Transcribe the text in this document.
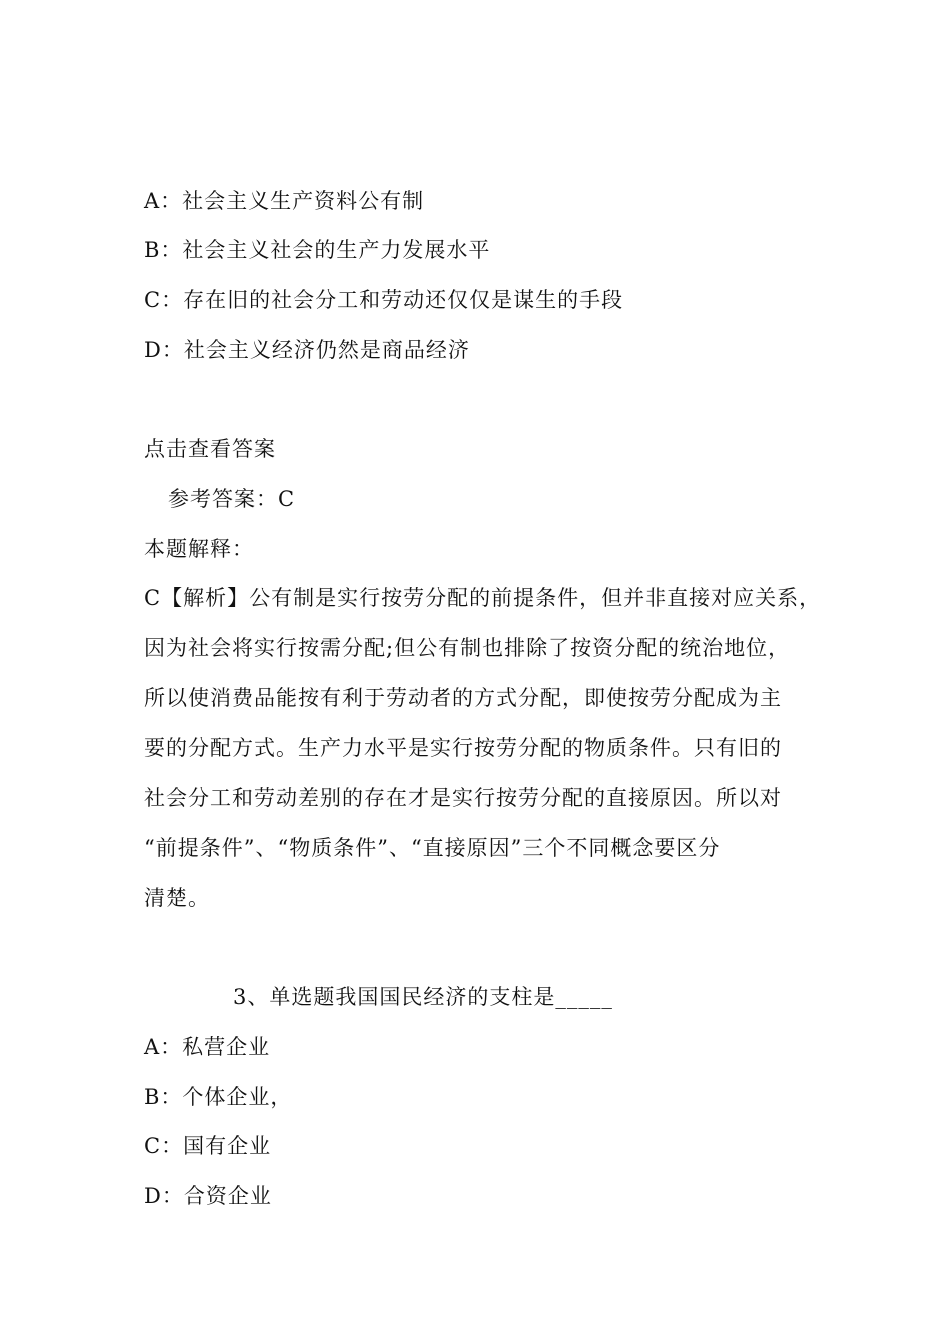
A：社会主义生产资料公有制
B：社会主义社会的生产力发展水平
C：存在旧的社会分工和劳动还仅仅是谋生的手段
D：社会主义经济仍然是商品经济
点击查看答案
参考答案：C
本题解释：
C【解析】公有制是实行按劳分配的前提条件，但并非直接对应关系，
因为社会将实行按需分配;但公有制也排除了按资分配的统治地位，
所以使消费品能按有利于劳动者的方式分配，即使按劳分配成为主
要的分配方式。生产力水平是实行按劳分配的物质条件。只有旧的
社会分工和劳动差别的存在才是实行按劳分配的直接原因。所以对
“前提条件”、“物质条件”、“直接原因”三个不同概念要区分
清楚。
3、单选题我国国民经济的支柱是_____
A：私营企业
B：个体企业，
C：国有企业
D：合资企业
